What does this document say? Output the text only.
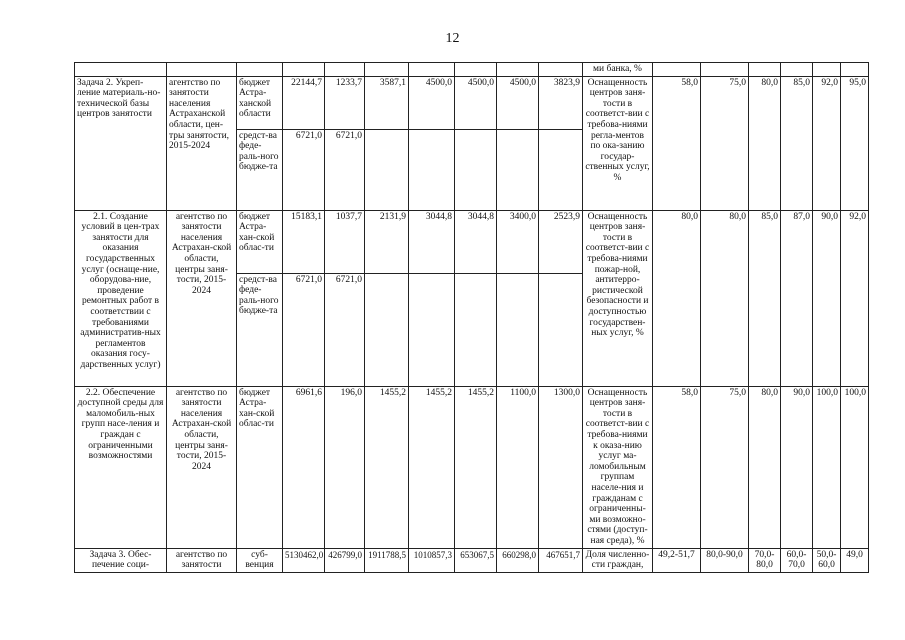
12
										ми банка, %						
Задача 2. Укреп-ление материаль-но-технической базы центров занятости	агентство по занятости населения Астраханской области, цен-тры занятости, 2015-2024	бюджет Астра-ханской области	22144,7	1233,7	3587,1	4500,0	4500,0	4500,0	3823,9	Оснащенность центров заня-тости в соответст-вии с требова-ниями регла-ментов по ока-занию государ-ственных услуг, %	58,0	75,0	80,0	85,0	92,0	95,0
		средст-ва феде-раль-ного бюдже-та	6721,0	6721,0												
2.1. Создание условий в цен-трах занятости для оказания государственных услуг (оснаще-ние, оборудова-ние, проведение ремонтных работ в соответствии с требованиями административ-ных регламентов оказания госу-дарственных услуг)	агентство по занятости населения Астрахан-ской области, центры заня-тости, 2015-2024	бюджет Астра-хан-ской облас-ти	15183,1	1037,7	2131,9	3044,8	3044,8	3400,0	2523,9	Оснащенность центров заня-тости в соответст-вии с требова-ниями пожар-ной, антитерро-ристической безопасности и доступностью государствен-ных услуг, %	80,0	80,0	85,0	87,0	90,0	92,0
		средст-ва феде-раль-ного бюдже-та	6721,0	6721,0												
2.2. Обеспечение доступной среды для маломобиль-ных групп насе-ления и граждан с ограниченными возможностями	агентство по занятости населения Астрахан-ской области, центры заня-тости, 2015-2024	бюджет Астра-хан-ской облас-ти	6961,6	196,0	1455,2	1455,2	1455,2	1100,0	1300,0	Оснащенность центров заня-тости в соответст-вии с требова-ниями к оказа-нию услуг ма-ломобильным группам населе-ния и гражданам с ограниченны-ми возможно-стями (доступ-ная среда), %	58,0	75,0	80,0	90,0	100,0	100,0
Задача 3. Обес-печение соци-	агентство по занятости	суб-венция	5130462,0	426799,0	1911788,5	1010857,3	653067,5	660298,0	467651,7	Доля численно-сти граждан,	49,2-51,7	80,0-90,0	70,0-80,0	60,0-70,0	50,0-60,0	49,0
